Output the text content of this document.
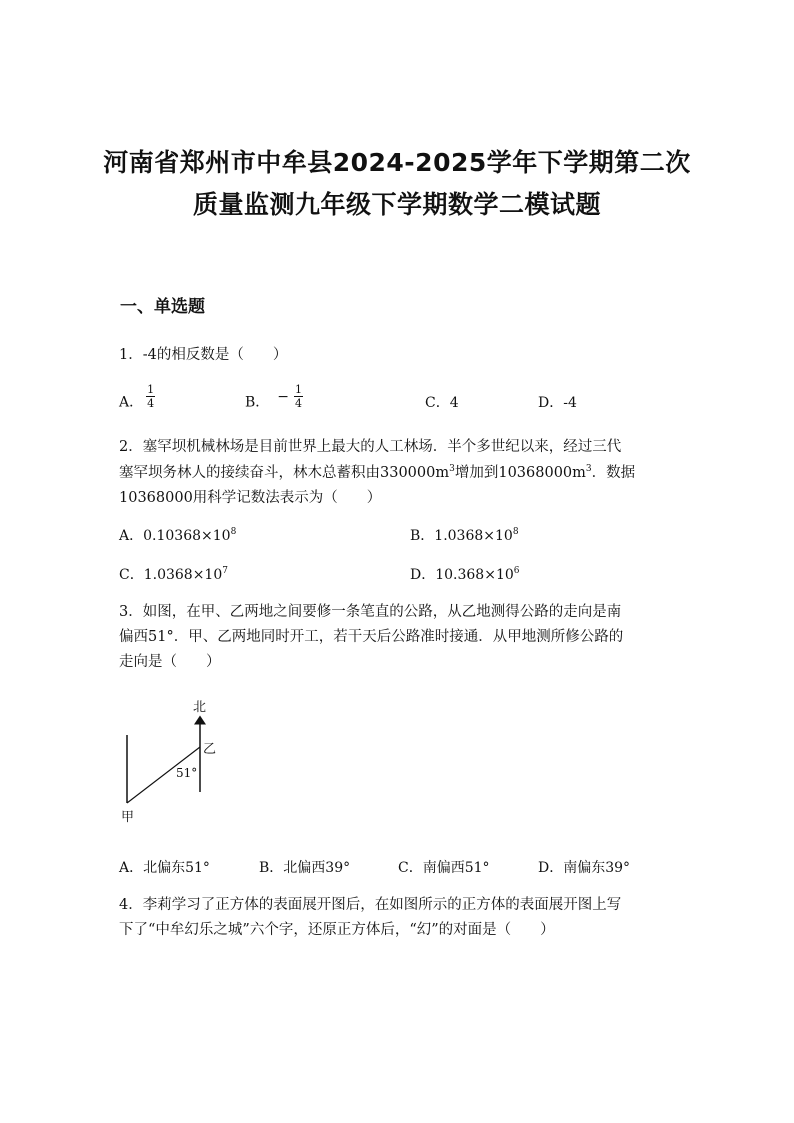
河南省郑州市中牟县2024-2025学年下学期第二次
质量监测九年级下学期数学二模试题
一、单选题
1．-4的相反数是（　　）
A． $\frac{1}{4}$	B． − $\frac{1}{4}$	C．4	D．-4
2．塞罕坝机械林场是目前世界上最大的人工林场．半个多世纪以来，经过三代
塞罕坝务林人的接续奋斗，林木总蓄积由$330000m^3$增加到$10368000m^3$．数据
10368000用科学记数法表示为（　　）
A．$0.10368\times 10^8$	B．$1.0368\times 10^8$
C．$1.0368\times 10^7$	D．$10.368\times 10^6$
3．如图，在甲、乙两地之间要修一条笔直的公路，从乙地测得公路的走向是南
偏西51°．甲、乙两地同时开工，若干天后公路准时接通．从甲地测所修公路的
走向是（　　）
北
乙
51°
甲
A．北偏东51°	B．北偏西39°	C．南偏西51°	D．南偏东39°
4．李莉学习了正方体的表面展开图后，在如图所示的正方体的表面展开图上写
下了“中牟幻乐之城”六个字，还原正方体后，“幻”的对面是（　　）
